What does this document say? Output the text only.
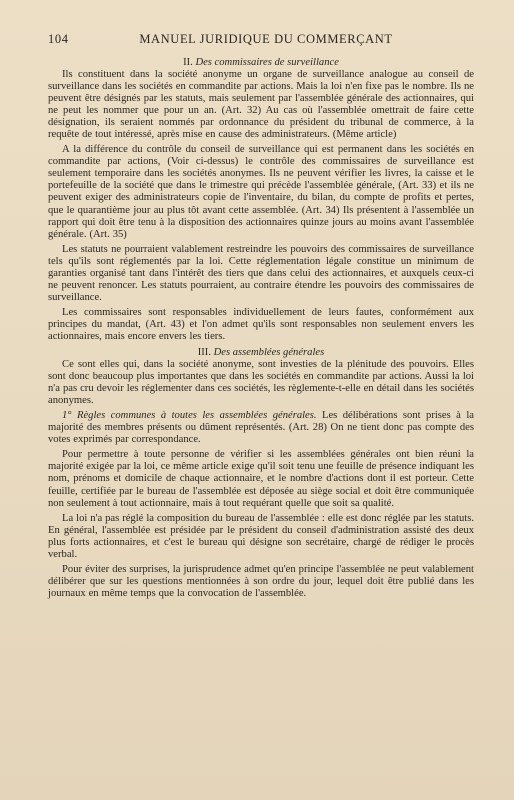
104	MANUEL JURIDIQUE DU COMMERÇANT
II. Des commissaires de surveillance

Ils constituent dans la société anonyme un organe de surveillance analogue au conseil de surveillance dans les sociétés en commandite par actions. Mais la loi n'en fixe pas le nombre. Ils ne peuvent être désignés par les statuts, mais seulement par l'assemblée générale des actionnaires, qui ne peut les nommer que pour un an. (Art. 32) Au cas où l'assemblée omettrait de faire cette désignation, ils seraient nommés par ordonnance du président du tribunal de commerce, à la requête de tout intéressé, après mise en cause des administrateurs. (Même article)

A la différence du contrôle du conseil de surveillance qui est permanent dans les sociétés en commandite par actions, (Voir ci-dessus) le contrôle des commissaires de surveillance est seulement temporaire dans les sociétés anonymes. Ils ne peuvent vérifier les livres, la caisse et le portefeuille de la société que dans le trimestre qui précède l'assemblée générale, (Art. 33) et ils ne peuvent exiger des administrateurs copie de l'inventaire, du bilan, du compte de profits et pertes, que le quarantième jour au plus tôt avant cette assemblée. (Art. 34) Ils présentent à l'assemblée un rapport qui doit être tenu à la disposition des actionnaires quinze jours au moins avant l'assemblée générale. (Art. 35)

Les statuts ne pourraient valablement restreindre les pouvoirs des commissaires de surveillance tels qu'ils sont réglementés par la loi. Cette réglementation légale constitue un minimum de garanties organisé tant dans l'intérêt des tiers que dans celui des actionnaires, et auxquels ceux-ci ne peuvent renoncer. Les statuts pourraient, au contraire étendre les pouvoirs des commissaires de surveillance.

Les commissaires sont responsables individuellement de leurs fautes, conformément aux principes du mandat, (Art. 43) et l'on admet qu'ils sont responsables non seulement envers les actionnaires, mais encore envers les tiers.

III. Des assemblées générales

Ce sont elles qui, dans la société anonyme, sont investies de la plénitude des pouvoirs. Elles sont donc beaucoup plus importantes que dans les sociétés en commandite par actions. Aussi la loi n'a pas cru devoir les réglementer dans ces sociétés, les règlemente-t-elle en détail dans les sociétés anonymes.

1° Règles communes à toutes les assemblées générales. Les délibérations sont prises à la majorité des membres présents ou dûment représentés. (Art. 28) On ne tient donc pas compte des votes exprimés par correspondance.

Pour permettre à toute personne de vérifier si les assemblées générales ont bien réuni la majorité exigée par la loi, ce même article exige qu'il soit tenu une feuille de présence indiquant les nom, prénoms et domicile de chaque actionnaire, et le nombre d'actions dont il est porteur. Cette feuille, certifiée par le bureau de l'assemblée est déposée au siège social et doit être communiquée non seulement à tout actionnaire, mais à tout requérant quelle que soit sa qualité.

La loi n'a pas réglé la composition du bureau de l'assemblée : elle est donc réglée par les statuts. En général, l'assemblée est présidée par le président du conseil d'administration assisté des deux plus forts actionnaires, et c'est le bureau qui désigne son secrétaire, chargé de rédiger le procès verbal.

Pour éviter des surprises, la jurisprudence admet qu'en principe l'assemblée ne peut valablement délibérer que sur les questions mentionnées à son ordre du jour, lequel doit être publié dans les journaux en même temps que la convocation de l'assemblée.
